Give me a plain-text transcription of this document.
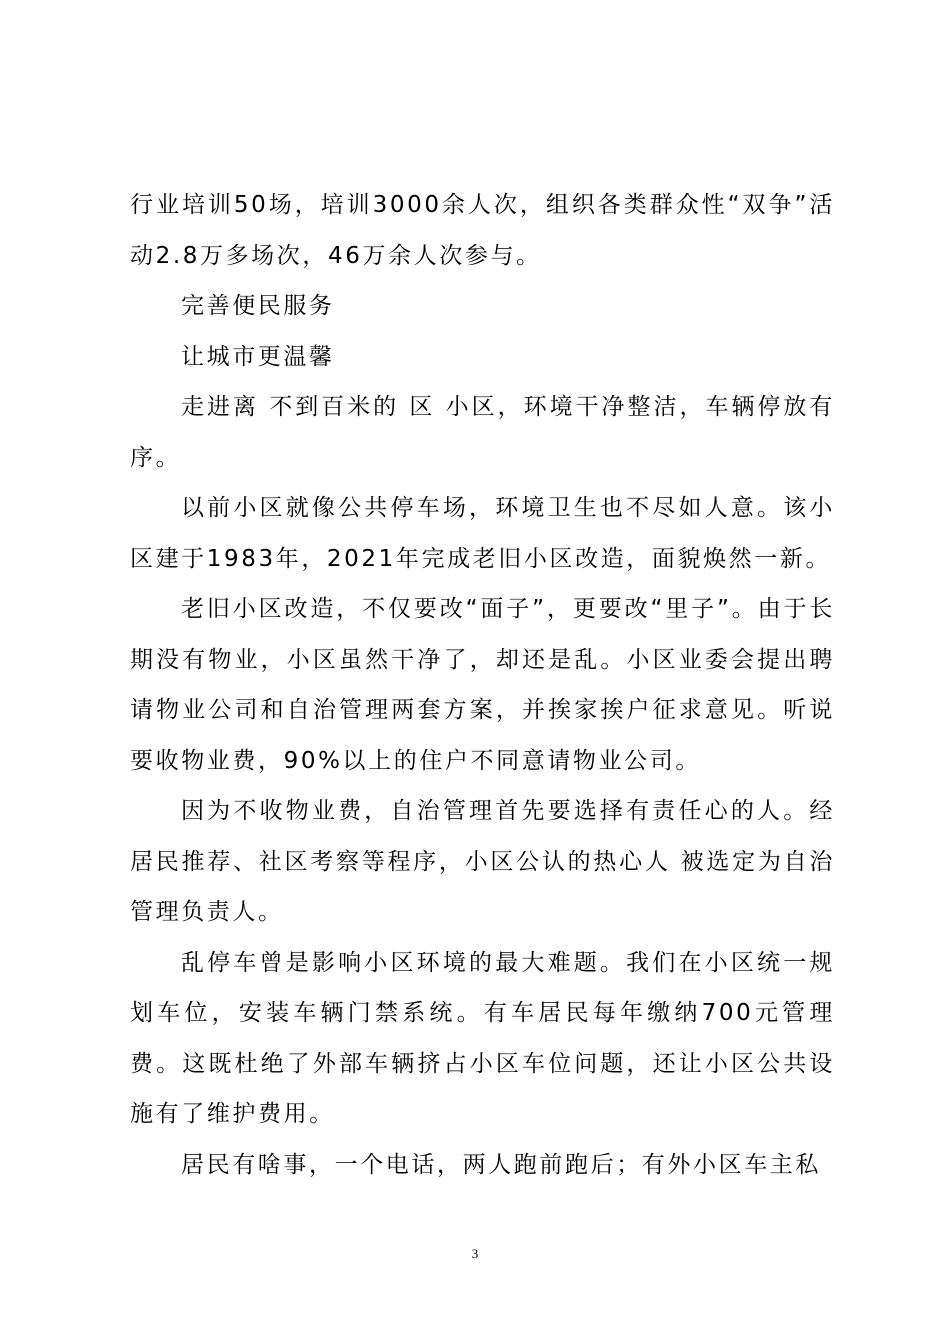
行业培训50场，培训3000余人次，组织各类群众性“双争”活动2.8万多场次，46万余人次参与。

完善便民服务

让城市更温馨

走进离 不到百米的 区 小区，环境干净整洁，车辆停放有序。

以前小区就像公共停车场，环境卫生也不尽如人意。该小区建于1983年，2021年完成老旧小区改造，面貌焕然一新。

老旧小区改造，不仅要改“面子”，更要改“里子”。由于长期没有物业，小区虽然干净了，却还是乱。小区业委会提出聘请物业公司和自治管理两套方案，并挨家挨户征求意见。听说要收物业费，90%以上的住户不同意请物业公司。

因为不收物业费，自治管理首先要选择有责任心的人。经居民推荐、社区考察等程序，小区公认的热心人 被选定为自治管理负责人。

乱停车曾是影响小区环境的最大难题。我们在小区统一规划车位，安装车辆门禁系统。有车居民每年缴纳700元管理费。这既杜绝了外部车辆挤占小区车位问题，还让小区公共设施有了维护费用。

居民有啥事，一个电话，两人跑前跑后；有外小区车主私

3
